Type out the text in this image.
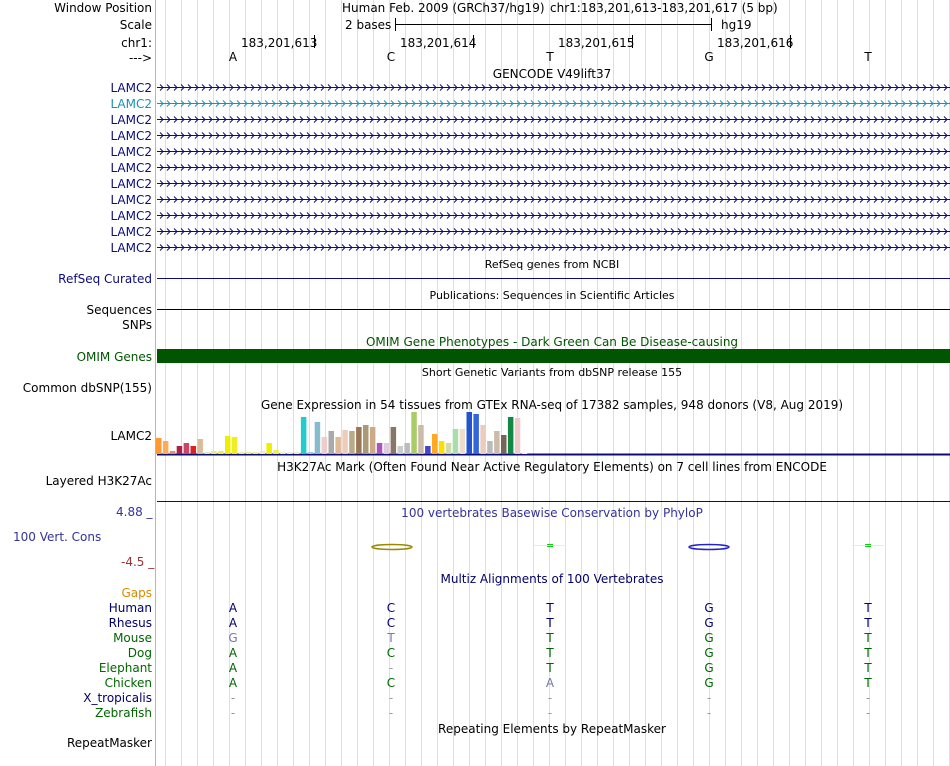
Window Position
Scale
chr1:
--->
Human Feb. 2009 (GRCh37/hg19) chr1:183,201,613-183,201,617 (5 bp)
2 bases	hg19
183,201,613	183,201,614	183,201,615	183,201,616
A	C	T	G	T
GENCODE V49lift37
LAMC2
LAMC2
LAMC2
LAMC2
LAMC2
LAMC2
LAMC2
LAMC2
LAMC2
LAMC2
LAMC2
RefSeq genes from NCBI
RefSeq Curated
Publications: Sequences in Scientific Articles
Sequences
SNPs
OMIM Gene Phenotypes - Dark Green Can Be Disease-causing
OMIM Genes
Short Genetic Variants from dbSNP release 155
Common dbSNP(155)
Gene Expression in 54 tissues from GTEx RNA-seq of 17382 samples, 948 donors (V8, Aug 2019)
LAMC2
H3K27Ac Mark (Often Found Near Active Regulatory Elements) on 7 cell lines from ENCODE
Layered H3K27Ac
4.88 _	100 vertebrates Basewise Conservation by PhyloP
100 Vert. Cons
-4.5 _
Multiz Alignments of 100 Vertebrates
Gaps
Human	A	C	T	G	T
Rhesus	A	C	T	G	T
Mouse	G	T	T	G	T
Dog	A	C	T	G	T
Elephant	A	-	T	G	T
Chicken	A	C	A	G	T
X_tropicalis	-	-	-	-	-
Zebrafish	-	-	-	-	-
Repeating Elements by RepeatMasker
RepeatMasker
